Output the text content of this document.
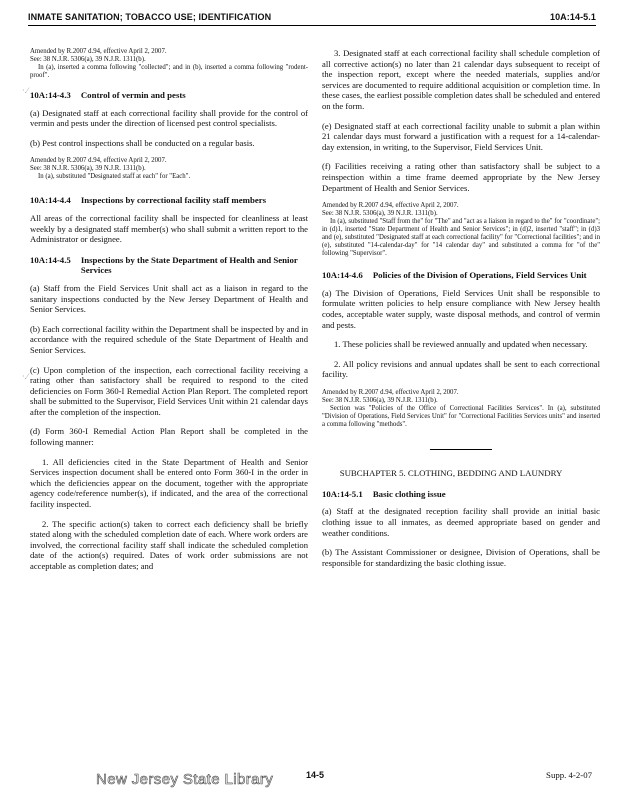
INMATE SANITATION; TOBACCO USE; IDENTIFICATION	10A:14-5.1
·.⁄
·.⁄

Amended by R.2007 d.94, effective April 2, 2007.

See: 38 N.J.R. 5306(a), 39 N.J.R. 1311(b).

In (a), inserted a comma following "collected"; and in (b), inserted a comma following "rodent-proof".

10A:14-4.3 Control of vermin and pests

(a) Designated staff at each correctional facility shall provide for the control of vermin and pests under the direction of licensed pest control specialists.

(b) Pest control inspections shall be conducted on a regular basis.

Amended by R.2007 d.94, effective April 2, 2007.

See: 38 N.J.R. 5306(a), 39 N.J.R. 1311(b).

In (a), substituted "Designated staff at each" for "Each".

10A:14-4.4 Inspections by correctional facility staff members

All areas of the correctional facility shall be inspected for cleanliness at least weekly by a designated staff member(s) who shall submit a written report to the Administrator or designee.

10A:14-4.5 Inspections by the State Department of Health and Senior Services

(a) Staff from the Field Services Unit shall act as a liaison in regard to the sanitary inspections conducted by the New Jersey Department of Health and Senior Services.

(b) Each correctional facility within the Department shall be inspected by and in accordance with the required schedule of the State Department of Health and Senior Services.

(c) Upon completion of the inspection, each correctional facility receiving a rating other than satisfactory shall be required to respond to the cited deficiencies on Form 360-I Remedial Action Plan Report. The completed report shall be submitted to the Supervisor, Field Services Unit within 21 calendar days after the completion of the inspection.

(d) Form 360-I Remedial Action Plan Report shall be completed in the following manner:

1. All deficiencies cited in the State Department of Health and Senior Services inspection document shall be entered onto Form 360-I in the order in which the deficiencies appear on the document, together with the appropriate agency code/reference number(s), if indicated, and the area of the correctional facility inspected.

2. The specific action(s) taken to correct each deficiency shall be briefly stated along with the scheduled completion date of each. Where work orders are involved, the correctional facility staff shall indicate the scheduled completion date of the action(s) required. Dates of work order submissions are not acceptable as completion dates; and

3. Designated staff at each correctional facility shall schedule completion of all corrective action(s) no later than 21 calendar days subsequent to receipt of the inspection report, except where the needed materials, supplies and/or services are documented to require additional acquisition or completion time. In these cases, the earliest possible completion dates shall be scheduled and entered on the form.

(e) Designated staff at each correctional facility unable to submit a plan within 21 calendar days must forward a justification with a request for a 14-calendar-day extension, in writing, to the Supervisor, Field Services Unit.

(f) Facilities receiving a rating other than satisfactory shall be subject to a reinspection within a time frame deemed appropriate by the New Jersey Department of Health and Senior Services.

Amended by R.2007 d.94, effective April 2, 2007.

See: 38 N.J.R. 5306(a), 39 N.J.R. 1311(b).

In (a), substituted "Staff from the" for "The" and "act as a liaison in regard to the" for "coordinate"; in (d)1, inserted "State Department of Health and Senior Services"; in (d)2, inserted "staff"; in (d)3 and (e), substituted "Designated staff at each correctional facility" for "Correctional facilities"; and in (e), substituted "14-calendar-day" for "14 calendar day" and substituted a comma for "of the" following "Supervisor".

10A:14-4.6 Policies of the Division of Operations, Field Services Unit

(a) The Division of Operations, Field Services Unit shall be responsible to formulate written policies to help ensure compliance with New Jersey health codes, acceptable water supply, waste disposal methods, and control of vermin and pests.

1. These policies shall be reviewed annually and updated when necessary.

2. All policy revisions and annual updates shall be sent to each correctional facility.

Amended by R.2007 d.94, effective April 2, 2007.

See: 38 N.J.R. 5306(a), 39 N.J.R. 1311(b).

Section was "Policies of the Office of Correctional Facilities Services". In (a), substituted "Division of Operations, Field Services Unit" for "Correctional Facilities Services units" and inserted a comma following "methods".

SUBCHAPTER 5. CLOTHING, BEDDING AND LAUNDRY

10A:14-5.1 Basic clothing issue

(a) Staff at the designated reception facility shall provide an initial basic clothing issue to all inmates, as deemed appropriate based on gender and weather conditions.

(b) The Assistant Commissioner or designee, Division of Operations, shall be responsible for standardizing the basic clothing issue.

New Jersey State Library	14-5	Supp. 4-2-07
